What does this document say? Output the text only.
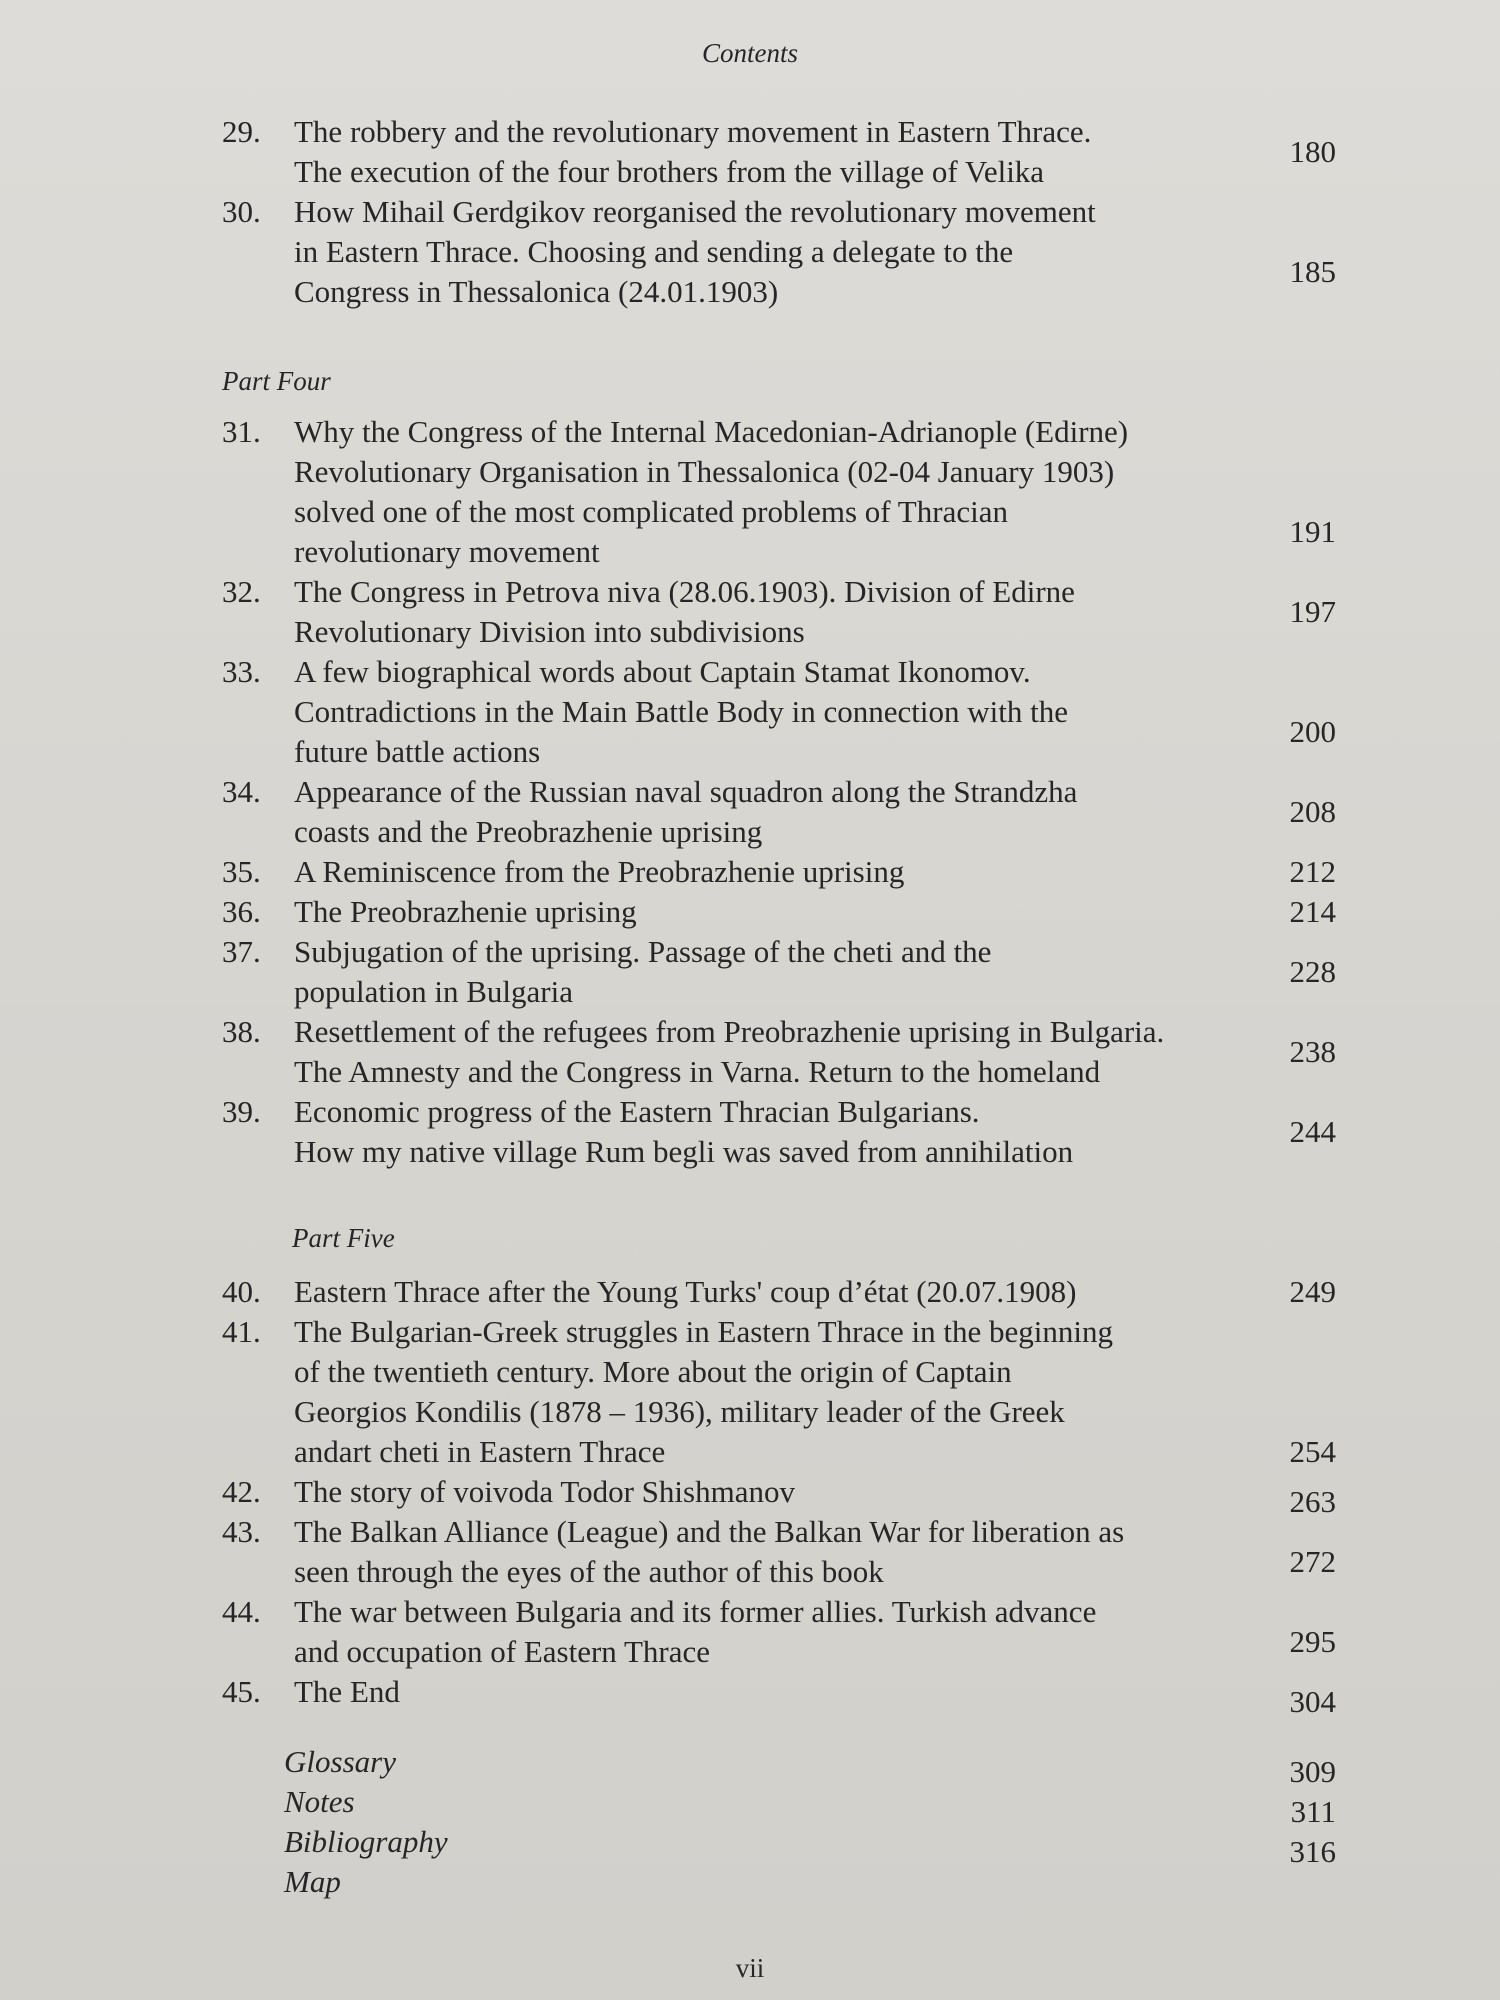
Contents
Part Four
Part Five
29. The robbery and the revolutionary movement in Eastern Thrace.
The execution of the four brothers from the village of Velika
180
30. How Mihail Gerdgikov reorganised the revolutionary movement
in Eastern Thrace. Choosing and sending a delegate to the
Congress in Thessalonica (24.01.1903)
185
31. Why the Congress of the Internal Macedonian-Adrianople (Edirne)
Revolutionary Organisation in Thessalonica (02-04 January 1903)
solved one of the most complicated problems of Thracian
revolutionary movement
191
32. The Congress in Petrova niva (28.06.1903). Division of Edirne
Revolutionary Division into subdivisions
197
33. A few biographical words about Captain Stamat Ikonomov.
Contradictions in the Main Battle Body in connection with the
future battle actions
200
34. Appearance of the Russian naval squadron along the Strandzha
coasts and the Preobrazhenie uprising
208
35. A Reminiscence from the Preobrazhenie uprising	212
36. The Preobrazhenie uprising	214
37. Subjugation of the uprising. Passage of the cheti and the
population in Bulgaria
228
38. Resettlement of the refugees from Preobrazhenie uprising in Bulgaria.
The Amnesty and the Congress in Varna. Return to the homeland
238
39. Economic progress of the Eastern Thracian Bulgarians.
How my native village Rum begli was saved from annihilation
244
40. Eastern Thrace after the Young Turks' coup d’état (20.07.1908)	249
41. The Bulgarian-Greek struggles in Eastern Thrace in the beginning
of the twentieth century. More about the origin of Captain
Georgios Kondilis (1878 – 1936), military leader of the Greek
andart cheti in Eastern Thrace	254
42. The story of voivoda Todor Shishmanov	263
43. The Balkan Alliance (League) and the Balkan War for liberation as
seen through the eyes of the author of this book	272
44. The war between Bulgaria and its former allies. Turkish advance
and occupation of Eastern Thrace	295
45. The End	304
Glossary	309
Notes	311
Bibliography	316
Map
vii
